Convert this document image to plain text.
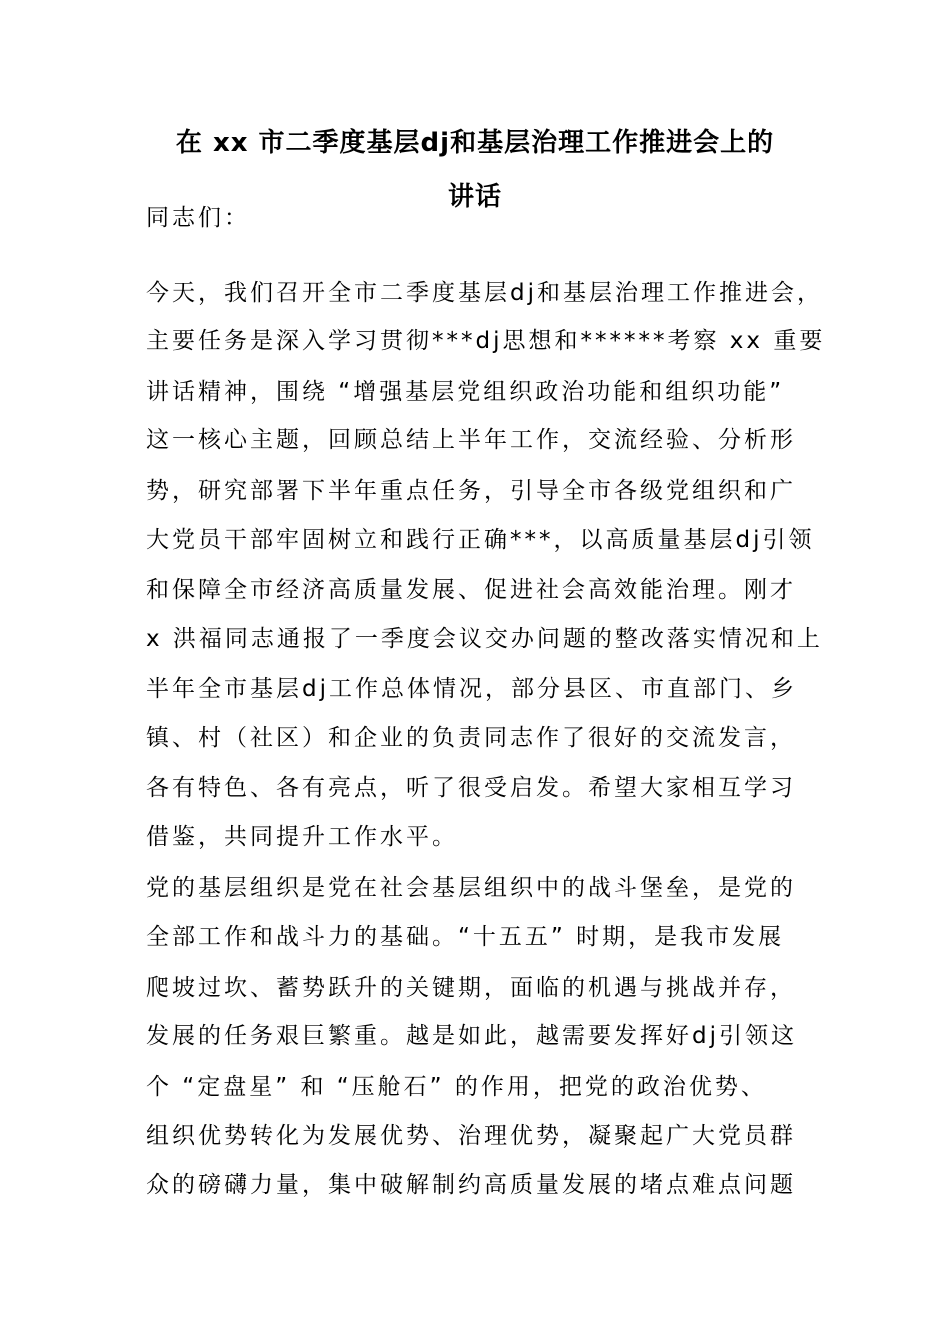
在 xx 市二季度基层dj和基层治理工作推进会上的
讲话
同志们：
今天，我们召开全市二季度基层dj和基层治理工作推进会，
主要任务是深入学习贯彻***dj思想和******考察 xx 重要
讲话精神，围绕 “增强基层党组织政治功能和组织功能”
这一核心主题，回顾总结上半年工作，交流经验、分析形
势，研究部署下半年重点任务，引导全市各级党组织和广
大党员干部牢固树立和践行正确***，以高质量基层dj引领
和保障全市经济高质量发展、促进社会高效能治理。刚才
x 洪福同志通报了一季度会议交办问题的整改落实情况和上
半年全市基层dj工作总体情况，部分县区、市直部门、乡
镇、村（社区）和企业的负责同志作了很好的交流发言，
各有特色、各有亮点，听了很受启发。希望大家相互学习
借鉴，共同提升工作水平。
党的基层组织是党在社会基层组织中的战斗堡垒，是党的
全部工作和战斗力的基础。“十五五” 时期，是我市发展
爬坡过坎、蓄势跃升的关键期，面临的机遇与挑战并存，
发展的任务艰巨繁重。越是如此，越需要发挥好dj引领这
个 “定盘星” 和 “压舱石” 的作用，把党的政治优势、
组织优势转化为发展优势、治理优势，凝聚起广大党员群
众的磅礴力量，集中破解制约高质量发展的堵点难点问题
